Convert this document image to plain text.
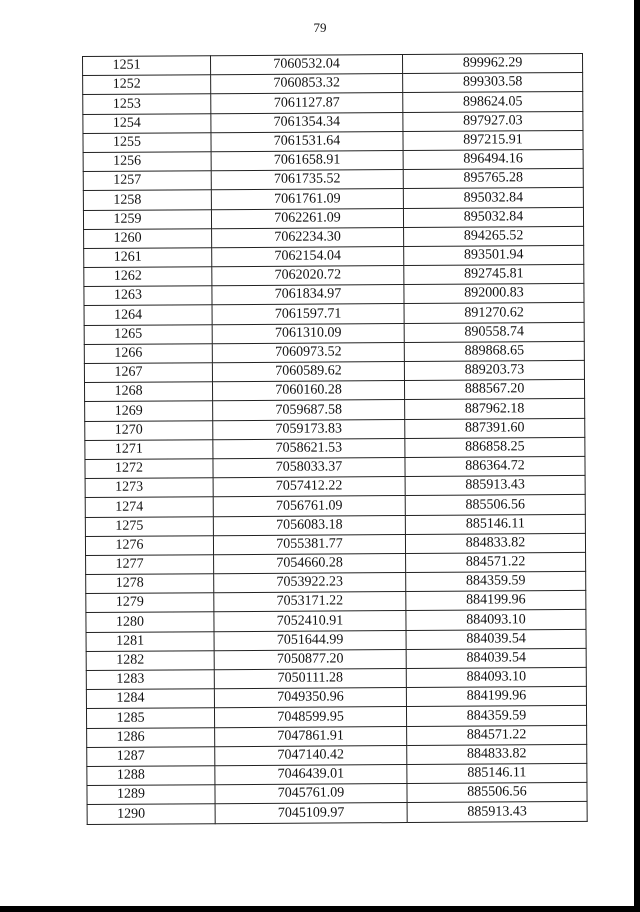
79
1251	7060532.04	899962.29
1252	7060853.32	899303.58
1253	7061127.87	898624.05
1254	7061354.34	897927.03
1255	7061531.64	897215.91
1256	7061658.91	896494.16
1257	7061735.52	895765.28
1258	7061761.09	895032.84
1259	7062261.09	895032.84
1260	7062234.30	894265.52
1261	7062154.04	893501.94
1262	7062020.72	892745.81
1263	7061834.97	892000.83
1264	7061597.71	891270.62
1265	7061310.09	890558.74
1266	7060973.52	889868.65
1267	7060589.62	889203.73
1268	7060160.28	888567.20
1269	7059687.58	887962.18
1270	7059173.83	887391.60
1271	7058621.53	886858.25
1272	7058033.37	886364.72
1273	7057412.22	885913.43
1274	7056761.09	885506.56
1275	7056083.18	885146.11
1276	7055381.77	884833.82
1277	7054660.28	884571.22
1278	7053922.23	884359.59
1279	7053171.22	884199.96
1280	7052410.91	884093.10
1281	7051644.99	884039.54
1282	7050877.20	884039.54
1283	7050111.28	884093.10
1284	7049350.96	884199.96
1285	7048599.95	884359.59
1286	7047861.91	884571.22
1287	7047140.42	884833.82
1288	7046439.01	885146.11
1289	7045761.09	885506.56
1290	7045109.97	885913.43
